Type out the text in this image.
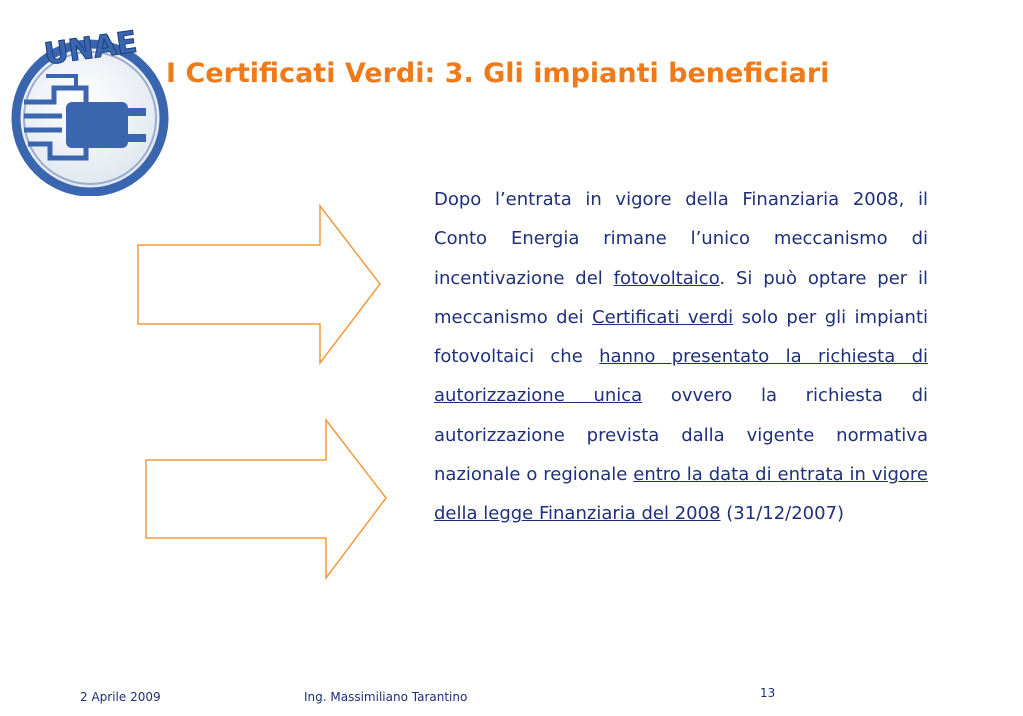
UNAE
I Certificati Verdi: 3. Gli impianti beneficiari

Dopo l’entrata in vigore della Finanziaria 2008, il Conto Energia rimane l’unico meccanismo di incentivazione del fotovoltaico. Si può optare per il meccanismo dei Certificati verdi solo per gli impianti fotovoltaici che hanno presentato la richiesta di autorizzazione unica ovvero la richiesta di autorizzazione prevista dalla vigente normativa nazionale o regionale entro la data di entrata in vigore della legge Finanziaria del 2008 (31/12/2007)

2 Aprile 2009	Ing. Massimiliano Tarantino	13
